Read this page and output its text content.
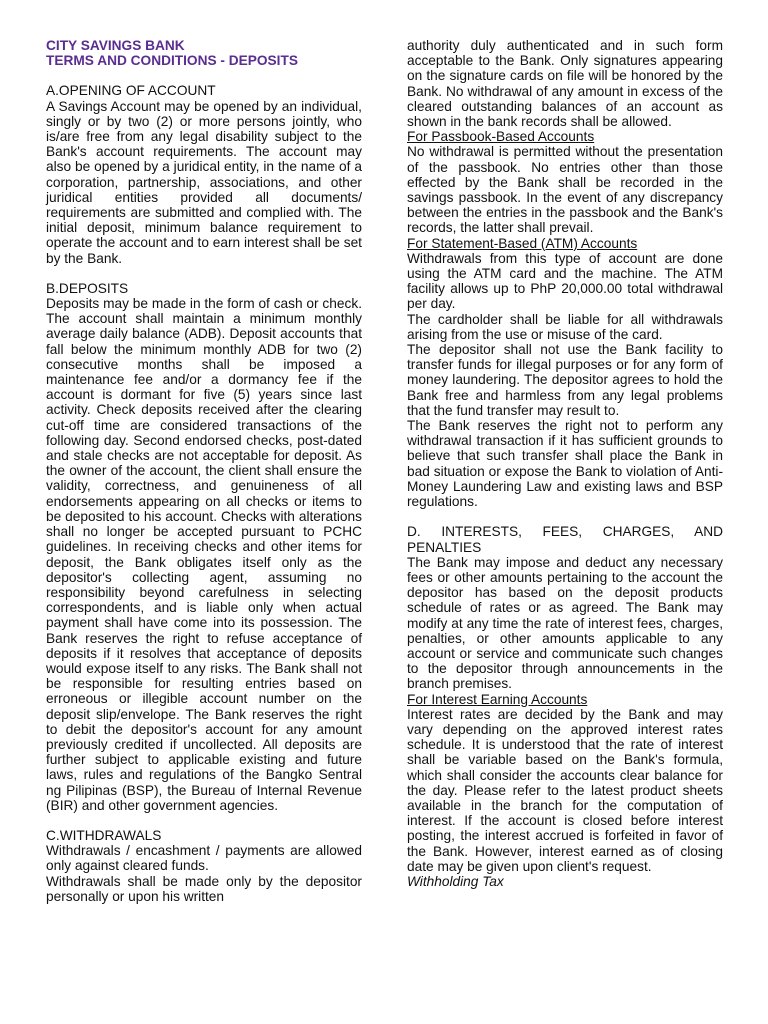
CITY SAVINGS BANK
TERMS AND CONDITIONS - DEPOSITS

A.OPENING OF ACCOUNT

A Savings Account may be opened by an individual, singly or by two (2) or more persons jointly, who is/are free from any legal disability subject to the Bank's account requirements. The account may also be opened by a juridical entity, in the name of a corporation, partnership, associations, and other juridical entities provided all documents/ requirements are submitted and complied with. The initial deposit, minimum balance requirement to operate the account and to earn interest shall be set by the Bank.

B.DEPOSITS

Deposits may be made in the form of cash or check. The account shall maintain a minimum monthly average daily balance (ADB). Deposit accounts that fall below the minimum monthly ADB for two (2) consecutive months shall be imposed a maintenance fee and/or a dormancy fee if the account is dormant for five (5) years since last activity. Check deposits received after the clearing cut-off time are considered transactions of the following day. Second endorsed checks, post-dated and stale checks are not acceptable for deposit. As the owner of the account, the client shall ensure the validity, correctness, and genuineness of all endorsements appearing on all checks or items to be deposited to his account. Checks with alterations shall no longer be accepted pursuant to PCHC guidelines. In receiving checks and other items for deposit, the Bank obligates itself only as the depositor's collecting agent, assuming no responsibility beyond carefulness in selecting correspondents, and is liable only when actual payment shall have come into its possession. The Bank reserves the right to refuse acceptance of deposits if it resolves that acceptance of deposits would expose itself to any risks. The Bank shall not be responsible for resulting entries based on erroneous or illegible account number on the deposit slip/envelope. The Bank reserves the right to debit the depositor's account for any amount previously credited if uncollected. All deposits are further subject to applicable existing and future laws, rules and regulations of the Bangko Sentral ng Pilipinas (BSP), the Bureau of Internal Revenue (BIR) and other government agencies.

C.WITHDRAWALS

Withdrawals / encashment / payments are allowed only against cleared funds.

Withdrawals shall be made only by the depositor personally or upon his written

authority duly authenticated and in such form acceptable to the Bank. Only signatures appearing on the signature cards on file will be honored by the Bank. No withdrawal of any amount in excess of the cleared outstanding balances of an account as shown in the bank records shall be allowed.

For Passbook-Based Accounts

No withdrawal is permitted without the presentation of the passbook. No entries other than those effected by the Bank shall be recorded in the savings passbook. In the event of any discrepancy between the entries in the passbook and the Bank's records, the latter shall prevail.

For Statement-Based (ATM) Accounts

Withdrawals from this type of account are done using the ATM card and the machine. The ATM facility allows up to PhP 20,000.00 total withdrawal per day.

The cardholder shall be liable for all withdrawals arising from the use or misuse of the card.

The depositor shall not use the Bank facility to transfer funds for illegal purposes or for any form of money laundering. The depositor agrees to hold the Bank free and harmless from any legal problems that the fund transfer may result to.

The Bank reserves the right not to perform any withdrawal transaction if it has sufficient grounds to believe that such transfer shall place the Bank in bad situation or expose the Bank to violation of Anti-Money Laundering Law and existing laws and BSP regulations.

D. INTERESTS, FEES, CHARGES, AND PENALTIES

The Bank may impose and deduct any necessary fees or other amounts pertaining to the account the depositor has based on the deposit products schedule of rates or as agreed. The Bank may modify at any time the rate of interest fees, charges, penalties, or other amounts applicable to any account or service and communicate such changes to the depositor through announcements in the branch premises.

For Interest Earning Accounts

Interest rates are decided by the Bank and may vary depending on the approved interest rates schedule. It is understood that the rate of interest shall be variable based on the Bank's formula, which shall consider the accounts clear balance for the day. Please refer to the latest product sheets available in the branch for the computation of interest. If the account is closed before interest posting, the interest accrued is forfeited in favor of the Bank. However, interest earned as of closing date may be given upon client's request.

Withholding Tax
